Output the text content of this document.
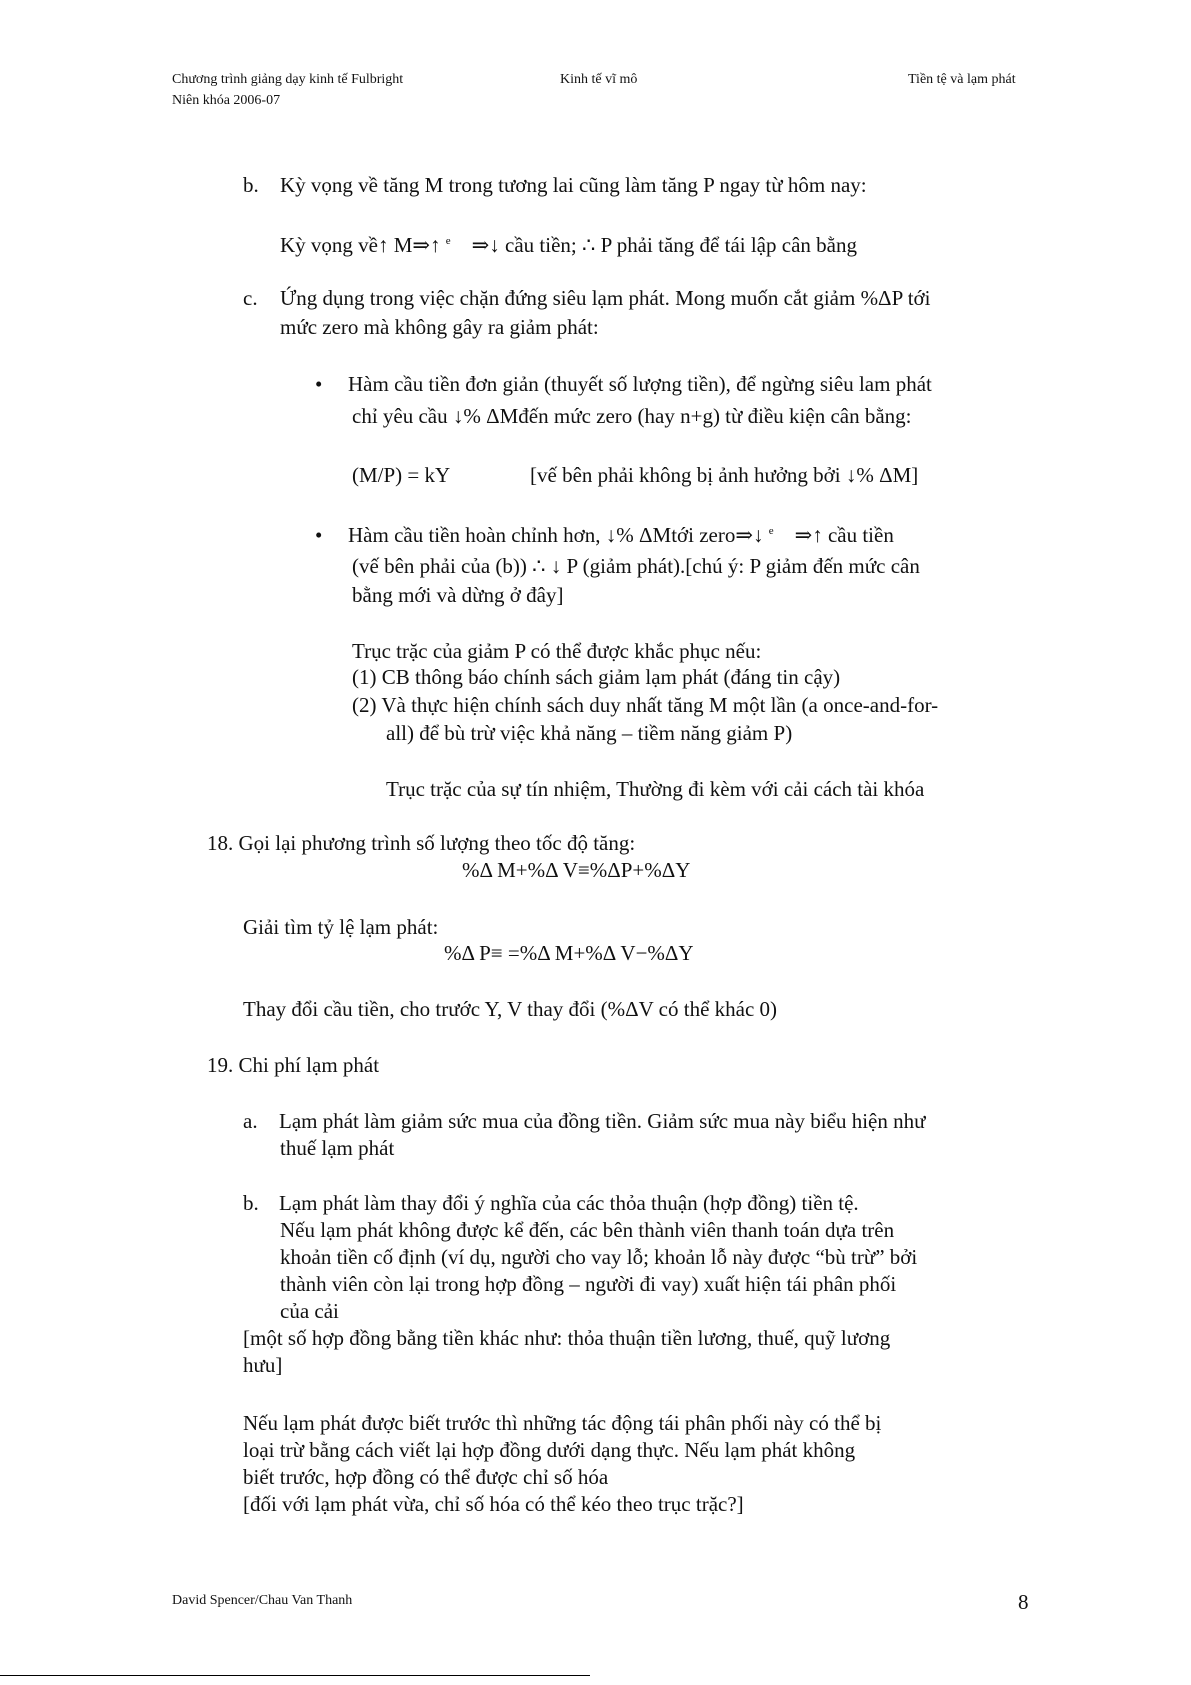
Chương trình giảng dạy kinh tế Fulbright
Niên khóa 2006-07
Kinh tế vĩ mô	Tiền tệ và lạm phát
b. Kỳ vọng về tăng M trong tương lai cũng làm tăng P ngay từ hôm nay:
Kỳ vọng về↑ M⇒↑ $^e$ ⇒↓ cầu tiền; ∴ P phải tăng để tái lập cân bằng
c. Ứng dụng trong việc chặn đứng siêu lạm phát. Mong muốn cắt giảm %ΔP tới
mức zero mà không gây ra giảm phát:
• Hàm cầu tiền đơn giản (thuyết số lượng tiền), để ngừng siêu lam phát
chỉ yêu cầu ↓% ΔMđến mức zero (hay n+g) từ điều kiện cân bằng:
(M/P) = kY	[vế bên phải không bị ảnh hưởng bởi ↓% ΔM]
• Hàm cầu tiền hoàn chỉnh hơn, ↓% ΔMtới zero⇒↓ $^e$ ⇒↑ cầu tiền
(vế bên phải của (b)) ∴ ↓ P (giảm phát).[chú ý: P giảm đến mức cân
bằng mới và dừng ở đây]
Trục trặc của giảm P có thể được khắc phục nếu:
(1) CB thông báo chính sách giảm lạm phát (đáng tin cậy)
(2) Và thực hiện chính sách duy nhất tăng M một lần (a once-and-for-
all) để bù trừ việc khả năng – tiềm năng giảm P)
Trục trặc của sự tín nhiệm, Thường đi kèm với cải cách tài khóa
18. Gọi lại phương trình số lượng theo tốc độ tăng:
%Δ M+%Δ V≡%ΔP+%ΔY
Giải tìm tỷ lệ lạm phát:
%Δ P≡ =%Δ M+%Δ V−%ΔY
Thay đổi cầu tiền, cho trước Y, V thay đổi (%ΔV có thể khác 0)
19. Chi phí lạm phát
a. Lạm phát làm giảm sức mua của đồng tiền. Giảm sức mua này biểu hiện như
thuế lạm phát
b. Lạm phát làm thay đổi ý nghĩa của các thỏa thuận (hợp đồng) tiền tệ.
Nếu lạm phát không được kể đến, các bên thành viên thanh toán dựa trên
khoản tiền cố định (ví dụ, người cho vay lỗ; khoản lỗ này được “bù trừ” bởi
thành viên còn lại trong hợp đồng – người đi vay) xuất hiện tái phân phối
của cải
[một số hợp đồng bằng tiền khác như: thỏa thuận tiền lương, thuế, quỹ lương
hưu]
Nếu lạm phát được biết trước thì những tác động tái phân phối này có thể bị
loại trừ bằng cách viết lại hợp đồng dưới dạng thực. Nếu lạm phát không
biết trước, hợp đồng có thể được chỉ số hóa
[đối với lạm phát vừa, chỉ số hóa có thể kéo theo trục trặc?]
David Spencer/Chau Van Thanh	8
